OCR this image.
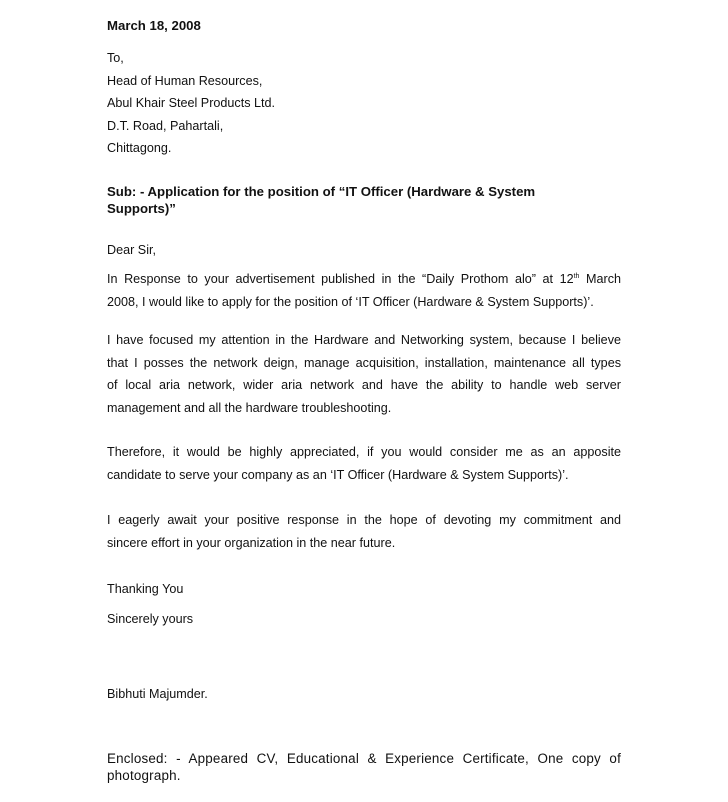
March 18, 2008
To,
Head of Human Resources,
Abul Khair Steel Products Ltd.
D.T. Road, Pahartali,
Chittagong.
Sub: - Application for the position of “IT Officer (Hardware & System
Supports)”
Dear Sir,
In Response to your advertisement published in the “Daily Prothom alo” at 12th March
2008, I would like to apply for the position of ‘IT Officer (Hardware & System Supports)’.
I have focused my attention in the Hardware and Networking system, because I believe
that I posses the network deign, manage acquisition, installation, maintenance all types
of local aria network, wider aria network and have the ability to handle web server
management and all the hardware troubleshooting.
Therefore, it would be highly appreciated, if you would consider me as an apposite
candidate to serve your company as an ‘IT Officer (Hardware & System Supports)’.
I eagerly await your positive response in the hope of devoting my commitment and
sincere effort in your organization in the near future.
Thanking You
Sincerely yours
Bibhuti Majumder.
Enclosed: - Appeared CV, Educational & Experience Certificate, One copy of
photograph.
